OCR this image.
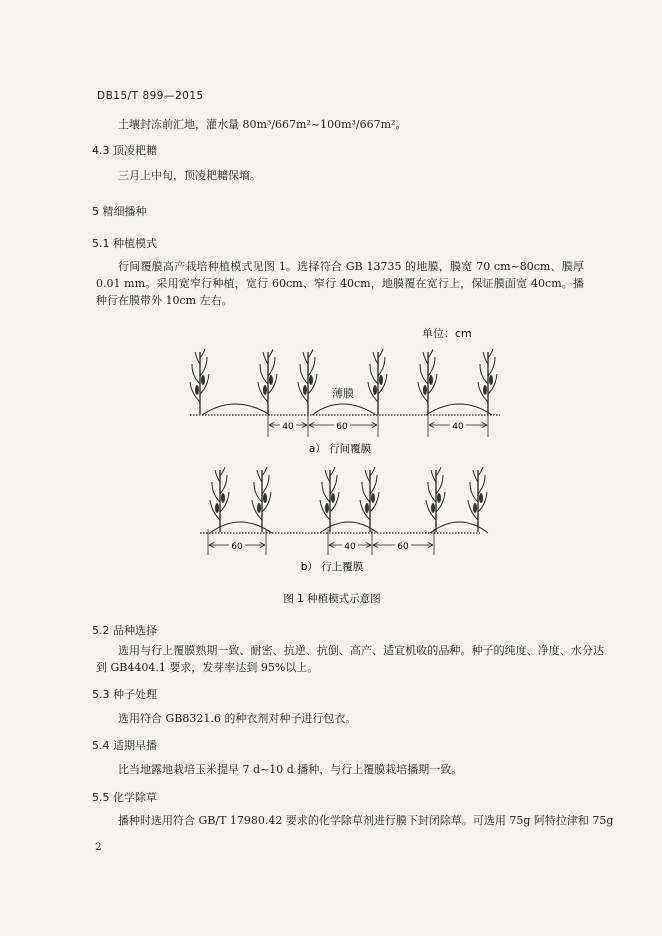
DB15/T 899—2015
土壤封冻前汇地，灌水量 80m³/667m²~100m³/667m²。
4.3 顶凌耙耱
三月上中旬，顶凌耙耱保墒。
5 精细播种
5.1 种植模式
行间覆膜高产栽培种植模式见图 1。选择符合 GB 13735 的地膜，膜宽 70 cm~80cm、膜厚 0.01 mm。采用宽窄行种植，宽行 60cm、窄行 40cm，地膜覆在宽行上，保证膜面宽 40cm。播种行在膜带外 10cm 左右。
单位：cm
薄膜
40	60	40
a） 行间覆膜
60	40	60
b） 行上覆膜
图 1 种植模式示意图
5.2 品种选择
选用与行上覆膜熟期一致、耐密、抗逆、抗倒、高产、适宜机收的品种。种子的纯度、净度、水分达到 GB4404.1 要求，发芽率达到 95%以上。
5.3 种子处理
选用符合 GB8321.6 的种衣剂对种子进行包衣。
5.4 适期早播
比当地露地栽培玉米提早 7 d~10 d 播种，与行上覆膜栽培播期一致。
5.5 化学除草
播种时选用符合 GB/T 17980.42 要求的化学除草剂进行膜下封闭除草。可选用 75g 阿特拉津和 75g
2
